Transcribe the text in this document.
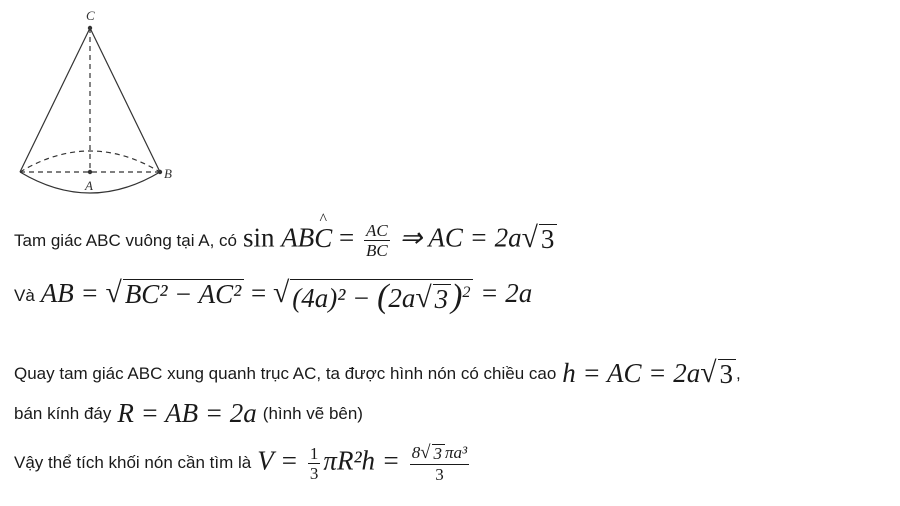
C
A
B
Tam giác ABC vuông tại A, có sin AB^ $C = \frac{AC}{BC}$ ⇒ AC = 2a √ 3
Và AB = √ BC² − AC² = √ (4a)² − (2a √ 3 )$^2$ = 2a
Quay tam giác ABC xung quanh trục AC, ta được hình nón có chiều cao h = AC = 2a √ 3 ,
bán kính đáy R = AB = 2a (hình vẽ bên)
Vậy thể tích khối nón cần tìm là $V = \frac{1}{3} \pi R^2h = \frac{\text{8 √ 3 πa³}}{3}$
